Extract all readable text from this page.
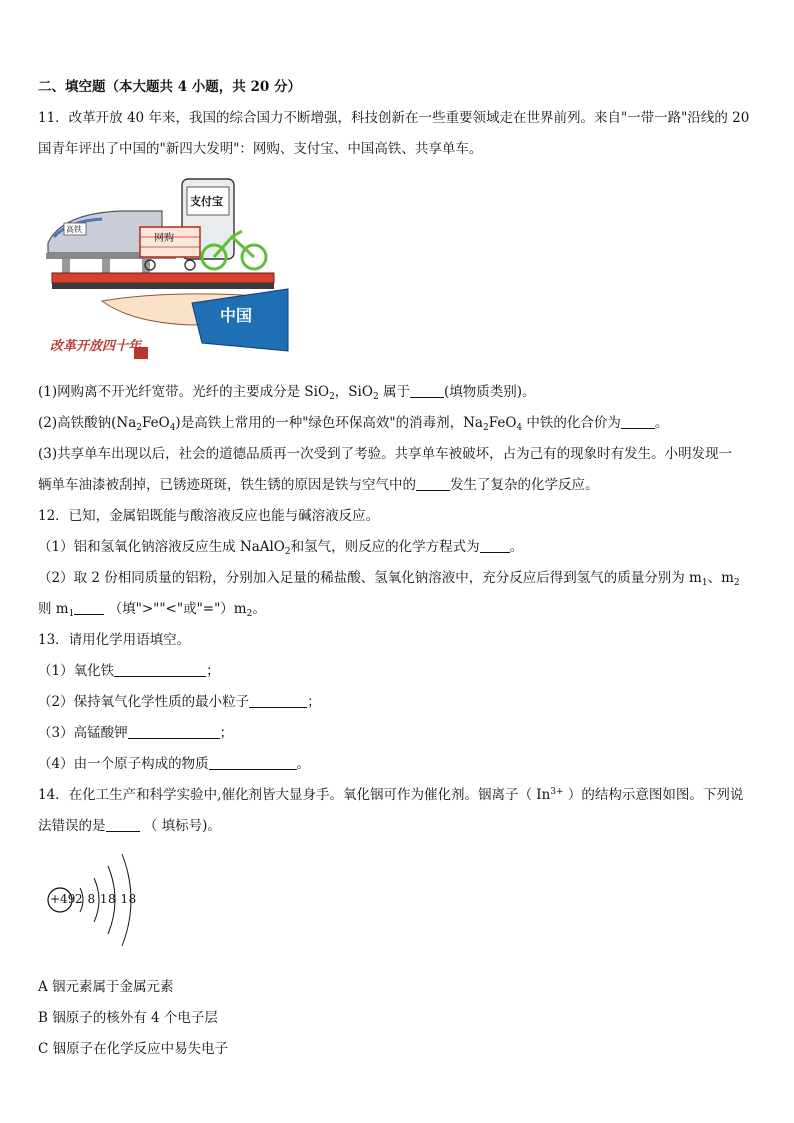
二、填空题（本大题共 4 小题，共 20 分）
11．改革开放 40 年来，我国的综合国力不断增强，科技创新在一些重要领域走在世界前列。来自"一带一路"沿线的 20
国青年评出了中国的"新四大发明"：网购、支付宝、中国高铁、共享单车。
高铁
支付宝
网购
中国
改革开放四十年
(1)网购离不开光纤宽带。光纤的主要成分是 SiO$_2$，SiO$_2$ 属于	(填物质类别)。
(2)高铁酸钠$(Na_2FeO_4)$是高铁上常用的一种"绿色环保高效"的消毒剂，$Na_2FeO_4$ 中铁的化合价为	。
(3)共享单车出现以后，社会的道德品质再一次受到了考验。共享单车被破坏，占为己有的现象时有发生。小明发现一
辆单车油漆被刮掉，已锈迹斑斑，铁生锈的原因是铁与空气中的	发生了复杂的化学反应。
12．已知，金属铝既能与酸溶液反应也能与碱溶液反应。
（1）铝和氢氧化钠溶液反应生成 NaAlO$_2$和氢气，则反应的化学方程式为 。
（2）取 2 份相同质量的铝粉，分别加入足量的稀盐酸、氢氧化钠溶液中，充分反应后得到氢气的质量分别为 $m_1$、$m_2$
则 $m_1$ （填">""<"或"$=")m_2$。
13．请用化学用语填空。
（1）氧化铁	；
（2）保持氧气化学性质的最小粒子	；
（3）高锰酸钾	；
（4）由一个原子构成的物质	。
14．在化工生产和科学实验中,催化剂皆大显身手。氧化铟可作为催化剂。铟离子（ $In^{3+}$ ）的结构示意图如图。下列说
法错误的是	（ 填标号)。
+49 2 8 18 18
A 铟元素属于金属元素
B 铟原子的核外有 4 个电子层
C 铟原子在化学反应中易失电子
